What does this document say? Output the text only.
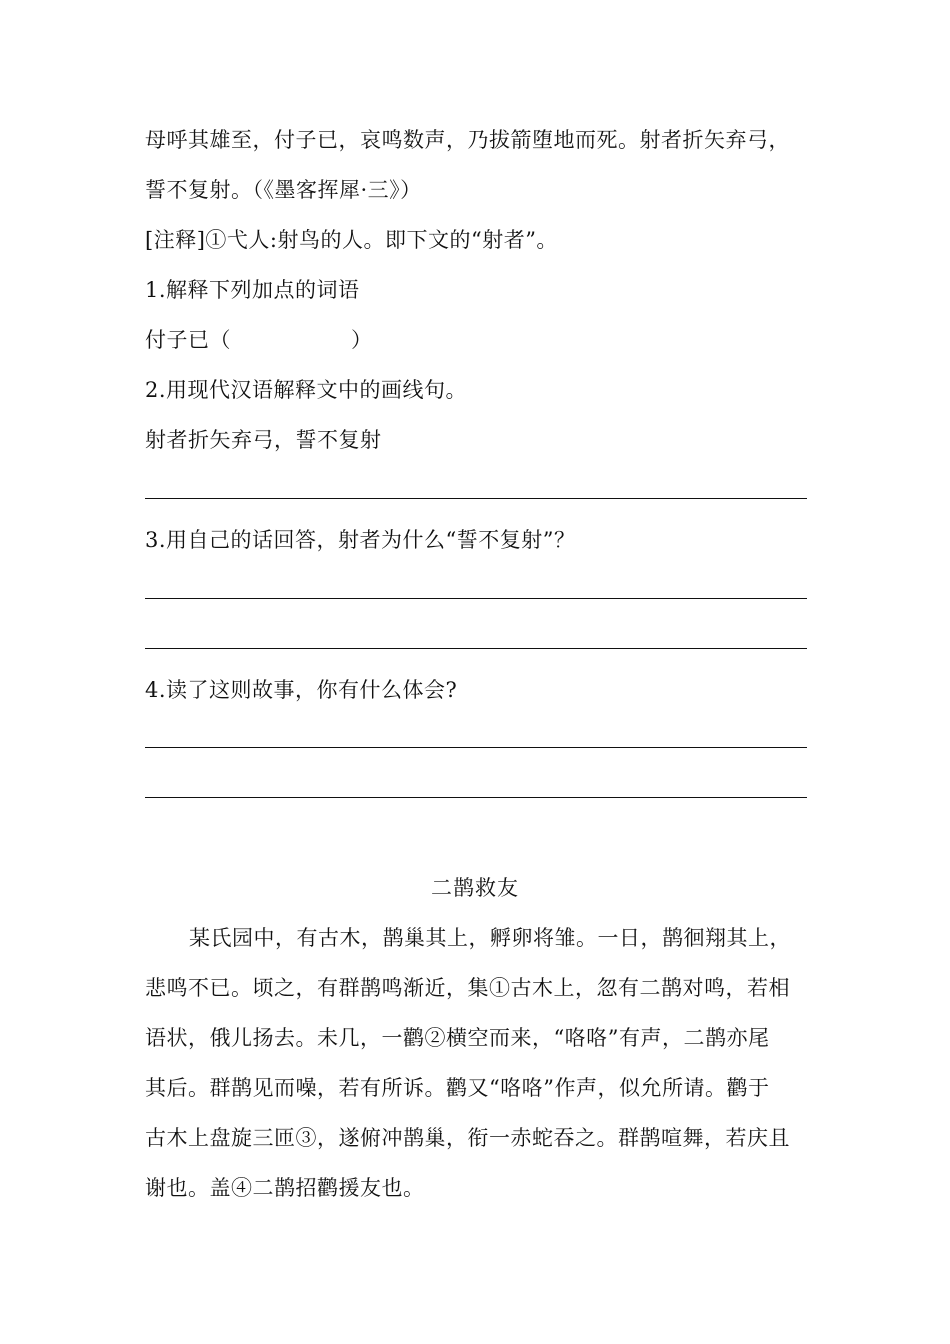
母呼其雄至，付子已，哀鸣数声，乃拔箭堕地而死。射者折矢弃弓，
誓不复射。（《墨客挥犀·三》）
[注释]①弋人:射鸟的人。即下文的“射者”。
1.解释下列加点的词语
付子已（	）
2.用现代汉语解释文中的画线句。
射者折矢弃弓，誓不复射
3.用自己的话回答，射者为什么“誓不复射”？
4.读了这则故事，你有什么体会?
二鹊救友
某氏园中，有古木，鹊巢其上，孵卵将雏。一日，鹊徊翔其上，
悲鸣不已。顷之，有群鹊鸣渐近，集①古木上，忽有二鹊对鸣，若相
语状，俄儿扬去。未几，一鹳②横空而来，“咯咯”有声，二鹊亦尾
其后。群鹊见而噪，若有所诉。鹳又“咯咯”作声，似允所请。鹳于
古木上盘旋三匝③，遂俯冲鹊巢，衔一赤蛇吞之。群鹊喧舞，若庆且
谢也。盖④二鹊招鹳援友也。
